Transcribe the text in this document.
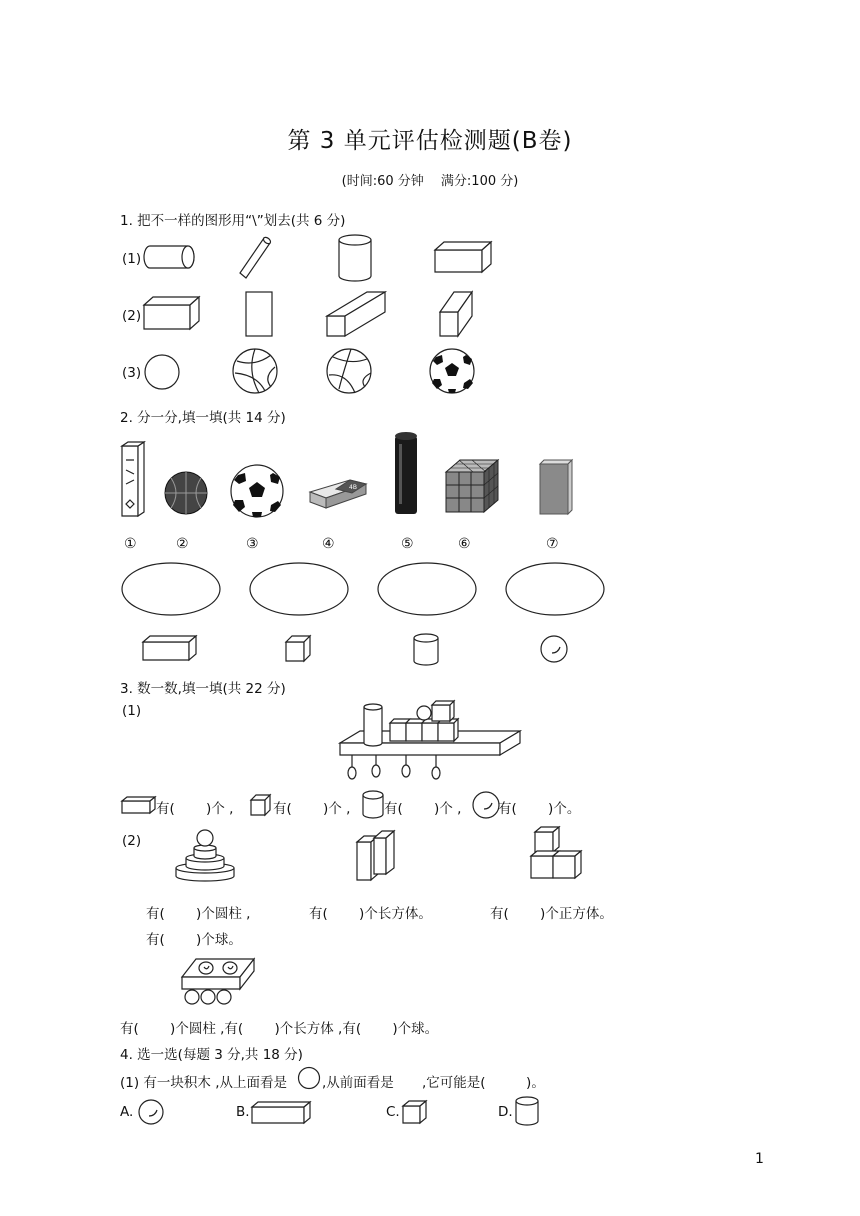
第 3 单元评估检测题(B卷)
(时间:60 分钟　 满分:100 分)
1. 把不一样的图形用“\”划去(共 6 分)
(1)
(2)
(3)
2. 分一分,填一填(共 14 分)
4B
①	②	③	④	⑤	⑥	⑦
3. 数一数,填一填(共 22 分)
(1)
有(　　 )个 ,	有(　　 )个 , 有(　　 )个 ,	有(　　 )个。
(2)
有(　　 )个圆柱 ,	有(　　 )个长方体。	有(　　 )个正方体。
有(　　 )个球。
有(　　 )个圆柱 ,有(　　 )个长方体 ,有(　　 )个球。
4. 选一选(每题 3 分,共 18 分)
(1) 有一块积木 ,从上面看是	,从前面看是 ,它可能是(　　　)。
A.	B.	C.	D.
1
